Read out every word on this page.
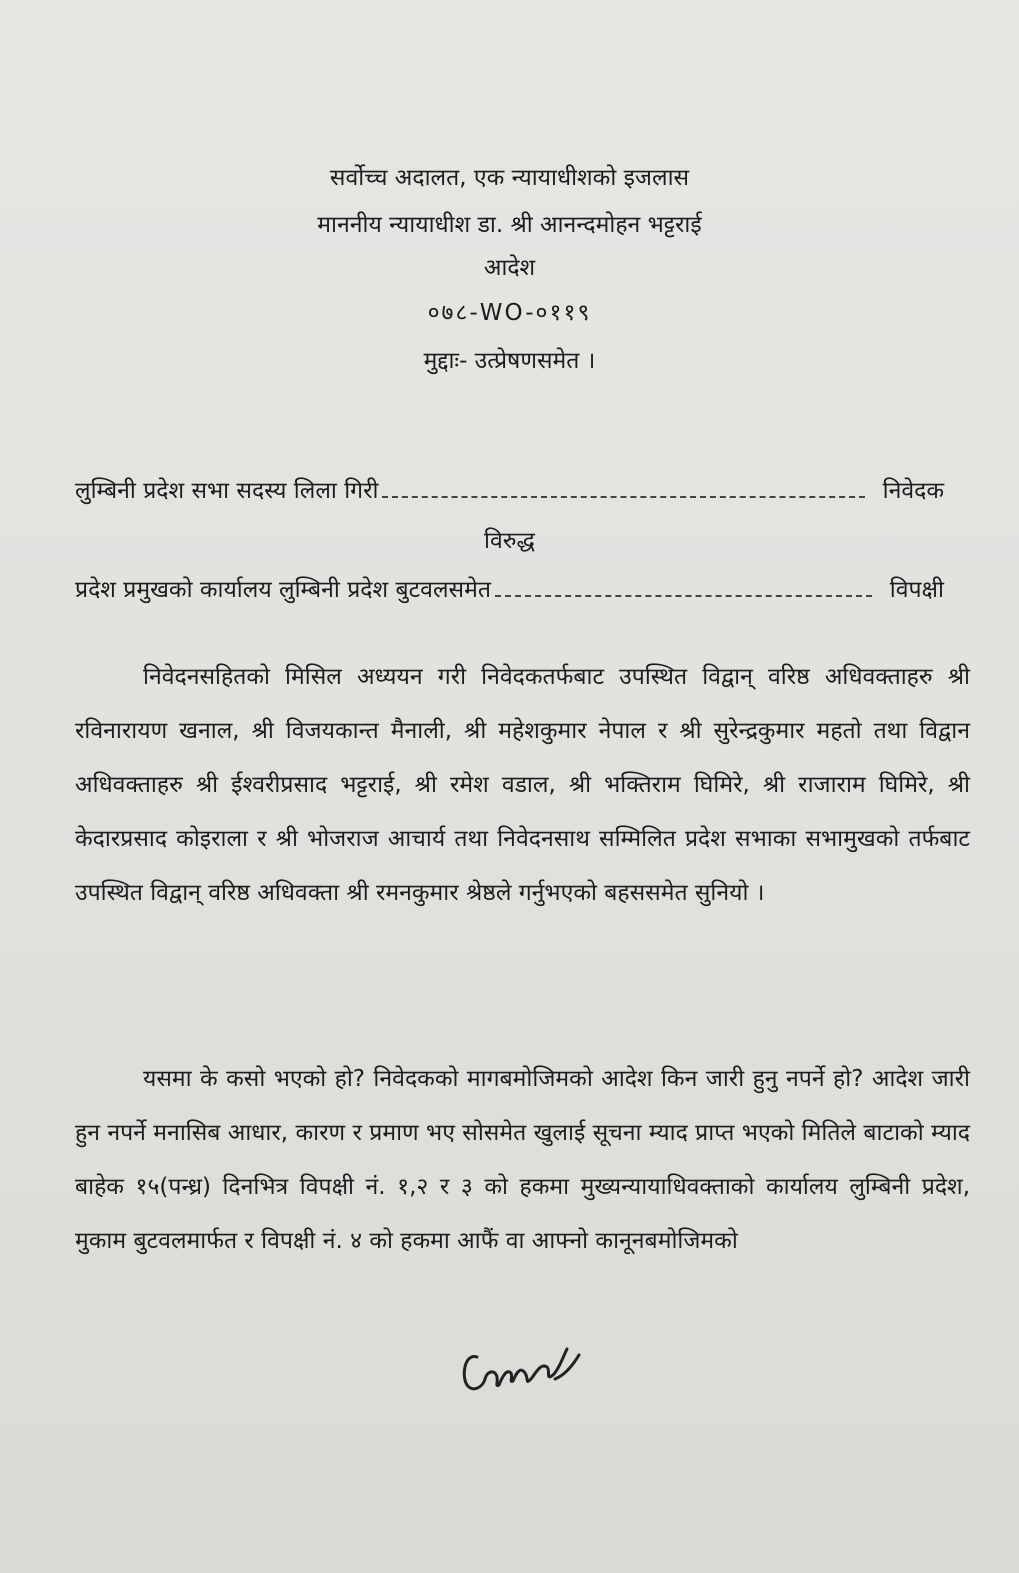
सर्वोच्च अदालत, एक न्यायाधीशको इजलास
माननीय न्यायाधीश डा. श्री आनन्दमोहन भट्टराई
आदेश
०७८-WO-०११९
मुद्दाः- उत्प्रेषणसमेत ।
लुम्बिनी प्रदेश सभा सदस्य लिला गिरी	निवेदक
विरुद्ध
प्रदेश प्रमुखको कार्यालय लुम्बिनी प्रदेश बुटवलसमेत	विपक्षी

निवेदनसहितको मिसिल अध्ययन गरी निवेदकतर्फबाट उपस्थित विद्वान् वरिष्ठ अधिवक्ताहरु श्री रविनारायण खनाल, श्री विजयकान्त मैनाली, श्री महेशकुमार नेपाल र श्री सुरेन्द्रकुमार महतो तथा विद्वान अधिवक्ताहरु श्री ईश्वरीप्रसाद भट्टराई, श्री रमेश वडाल, श्री भक्तिराम घिमिरे, श्री राजाराम घिमिरे, श्री केदारप्रसाद कोइराला र श्री भोजराज आचार्य तथा निवेदनसाथ सम्मिलित प्रदेश सभाका सभामुखको तर्फबाट उपस्थित विद्वान् वरिष्ठ अधिवक्ता श्री रमनकुमार श्रेष्ठले गर्नुभएको बहससमेत सुनियो ।

यसमा के कसो भएको हो? निवेदकको मागबमोजिमको आदेश किन जारी हुनु नपर्ने हो? आदेश जारी हुन नपर्ने मनासिब आधार, कारण र प्रमाण भए सोसमेत खुलाई सूचना म्याद प्राप्त भएको मितिले बाटाको म्याद बाहेक १५(पन्ध्र) दिनभित्र विपक्षी नं. १,२ र ३ को हकमा मुख्यन्यायाधिवक्ताको कार्यालय लुम्बिनी प्रदेश, मुकाम बुटवलमार्फत र विपक्षी नं. ४ को हकमा आफैं वा आफ्नो कानूनबमोजिमको
